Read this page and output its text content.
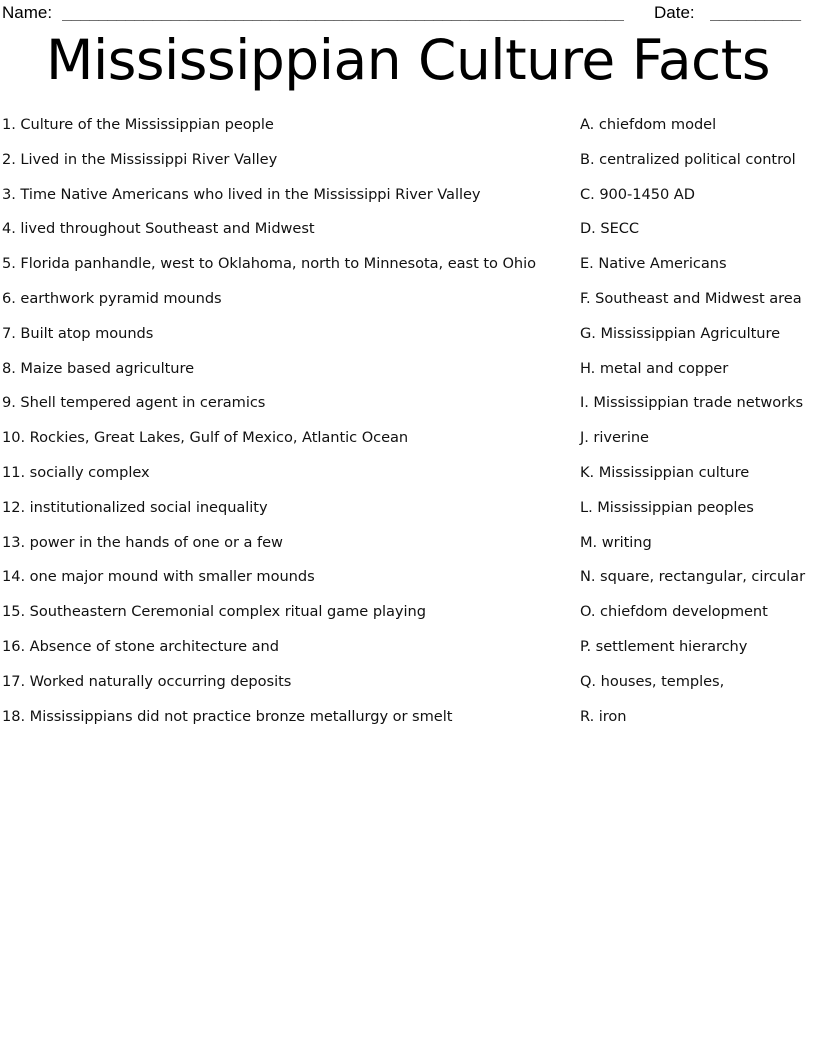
Name: ______________________________________________________________	Date: __________
Mississippian Culture Facts
1. Culture of the Mississippian people
2. Lived in the Mississippi River Valley
3. Time Native Americans who lived in the Mississippi River Valley
4. lived throughout Southeast and Midwest
5. Florida panhandle, west to Oklahoma, north to Minnesota, east to Ohio
6. earthwork pyramid mounds
7. Built atop mounds
8. Maize based agriculture
9. Shell tempered agent in ceramics
10. Rockies, Great Lakes, Gulf of Mexico, Atlantic Ocean
11. socially complex
12. institutionalized social inequality
13. power in the hands of one or a few
14. one major mound with smaller mounds
15. Southeastern Ceremonial complex ritual game playing
16. Absence of stone architecture and
17. Worked naturally occurring deposits
18. Mississippians did not practice bronze metallurgy or smelt
A. chiefdom model
B. centralized political control
C. 900-1450 AD
D. SECC
E. Native Americans
F. Southeast and Midwest area
G. Mississippian Agriculture
H. metal and copper
I. Mississippian trade networks
J. riverine
K. Mississippian culture
L. Mississippian peoples
M. writing
N. square, rectangular, circular
O. chiefdom development
P. settlement hierarchy
Q. houses, temples,
R. iron
